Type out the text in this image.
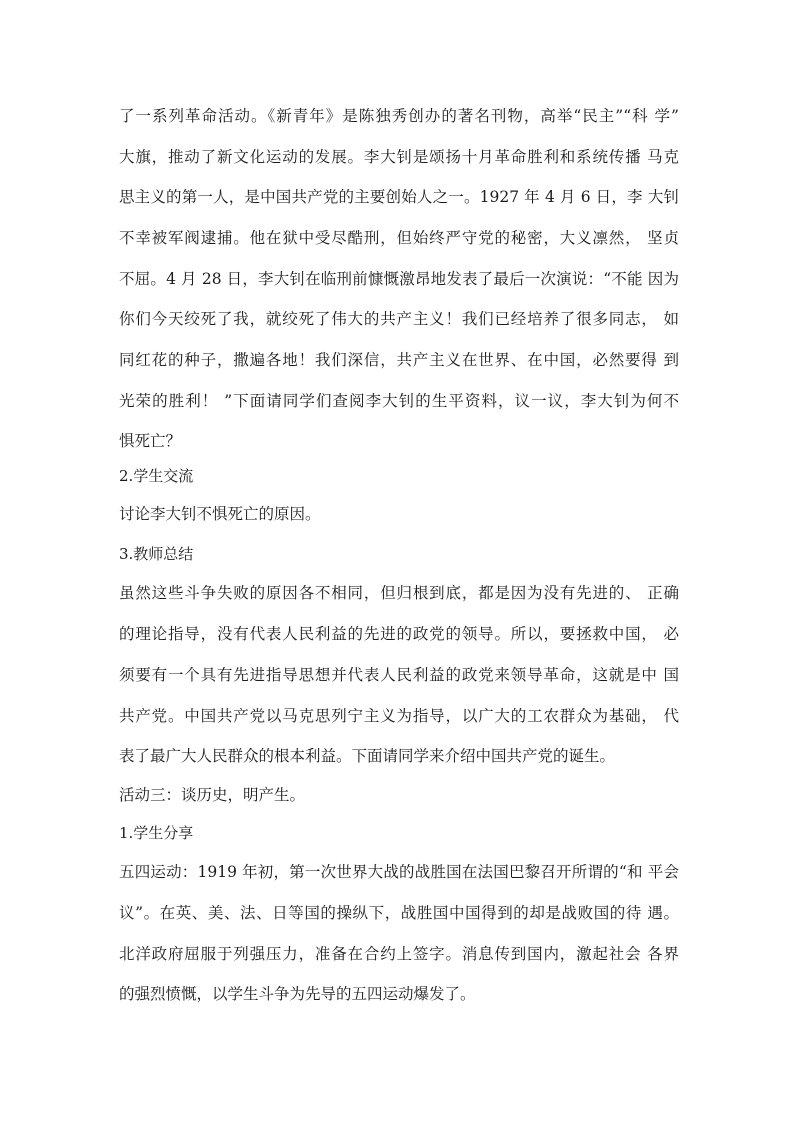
了一系列革命活动。《新青年》是陈独秀创办的著名刊物，高举“民主”“科 学”
大旗，推动了新文化运动的发展。李大钊是颂扬十月革命胜利和系统传播 马克
思主义的第一人，是中国共产党的主要创始人之一。1927 年 4 月 6 日，李 大钊
不幸被军阀逮捕。他在狱中受尽酷刑，但始终严守党的秘密，大义凛然， 坚贞
不屈。4 月 28 日，李大钊在临刑前慷慨激昂地发表了最后一次演说：“不能 因为
你们今天绞死了我，就绞死了伟大的共产主义！我们已经培养了很多同志， 如
同红花的种子，撒遍各地！我们深信，共产主义在世界、在中国，必然要得 到
光荣的胜利！ ”下面请同学们查阅李大钊的生平资料，议一议，李大钊为何不
惧死亡？
2.学生交流
讨论李大钊不惧死亡的原因。
3.教师总结
虽然这些斗争失败的原因各不相同，但归根到底，都是因为没有先进的、 正确
的理论指导，没有代表人民利益的先进的政党的领导。所以，要拯救中国， 必
须要有一个具有先进指导思想并代表人民利益的政党来领导革命，这就是中 国
共产党。中国共产党以马克思列宁主义为指导，以广大的工农群众为基础， 代
表了最广大人民群众的根本利益。下面请同学来介绍中国共产党的诞生。
活动三：谈历史，明产生。
1.学生分享
五四运动：1919 年初，第一次世界大战的战胜国在法国巴黎召开所谓的“和 平会
议”。在英、美、法、日等国的操纵下，战胜国中国得到的却是战败国的待 遇。
北洋政府屈服于列强压力，准备在合约上签字。消息传到国内，激起社会 各界
的强烈愤慨，以学生斗争为先导的五四运动爆发了。
